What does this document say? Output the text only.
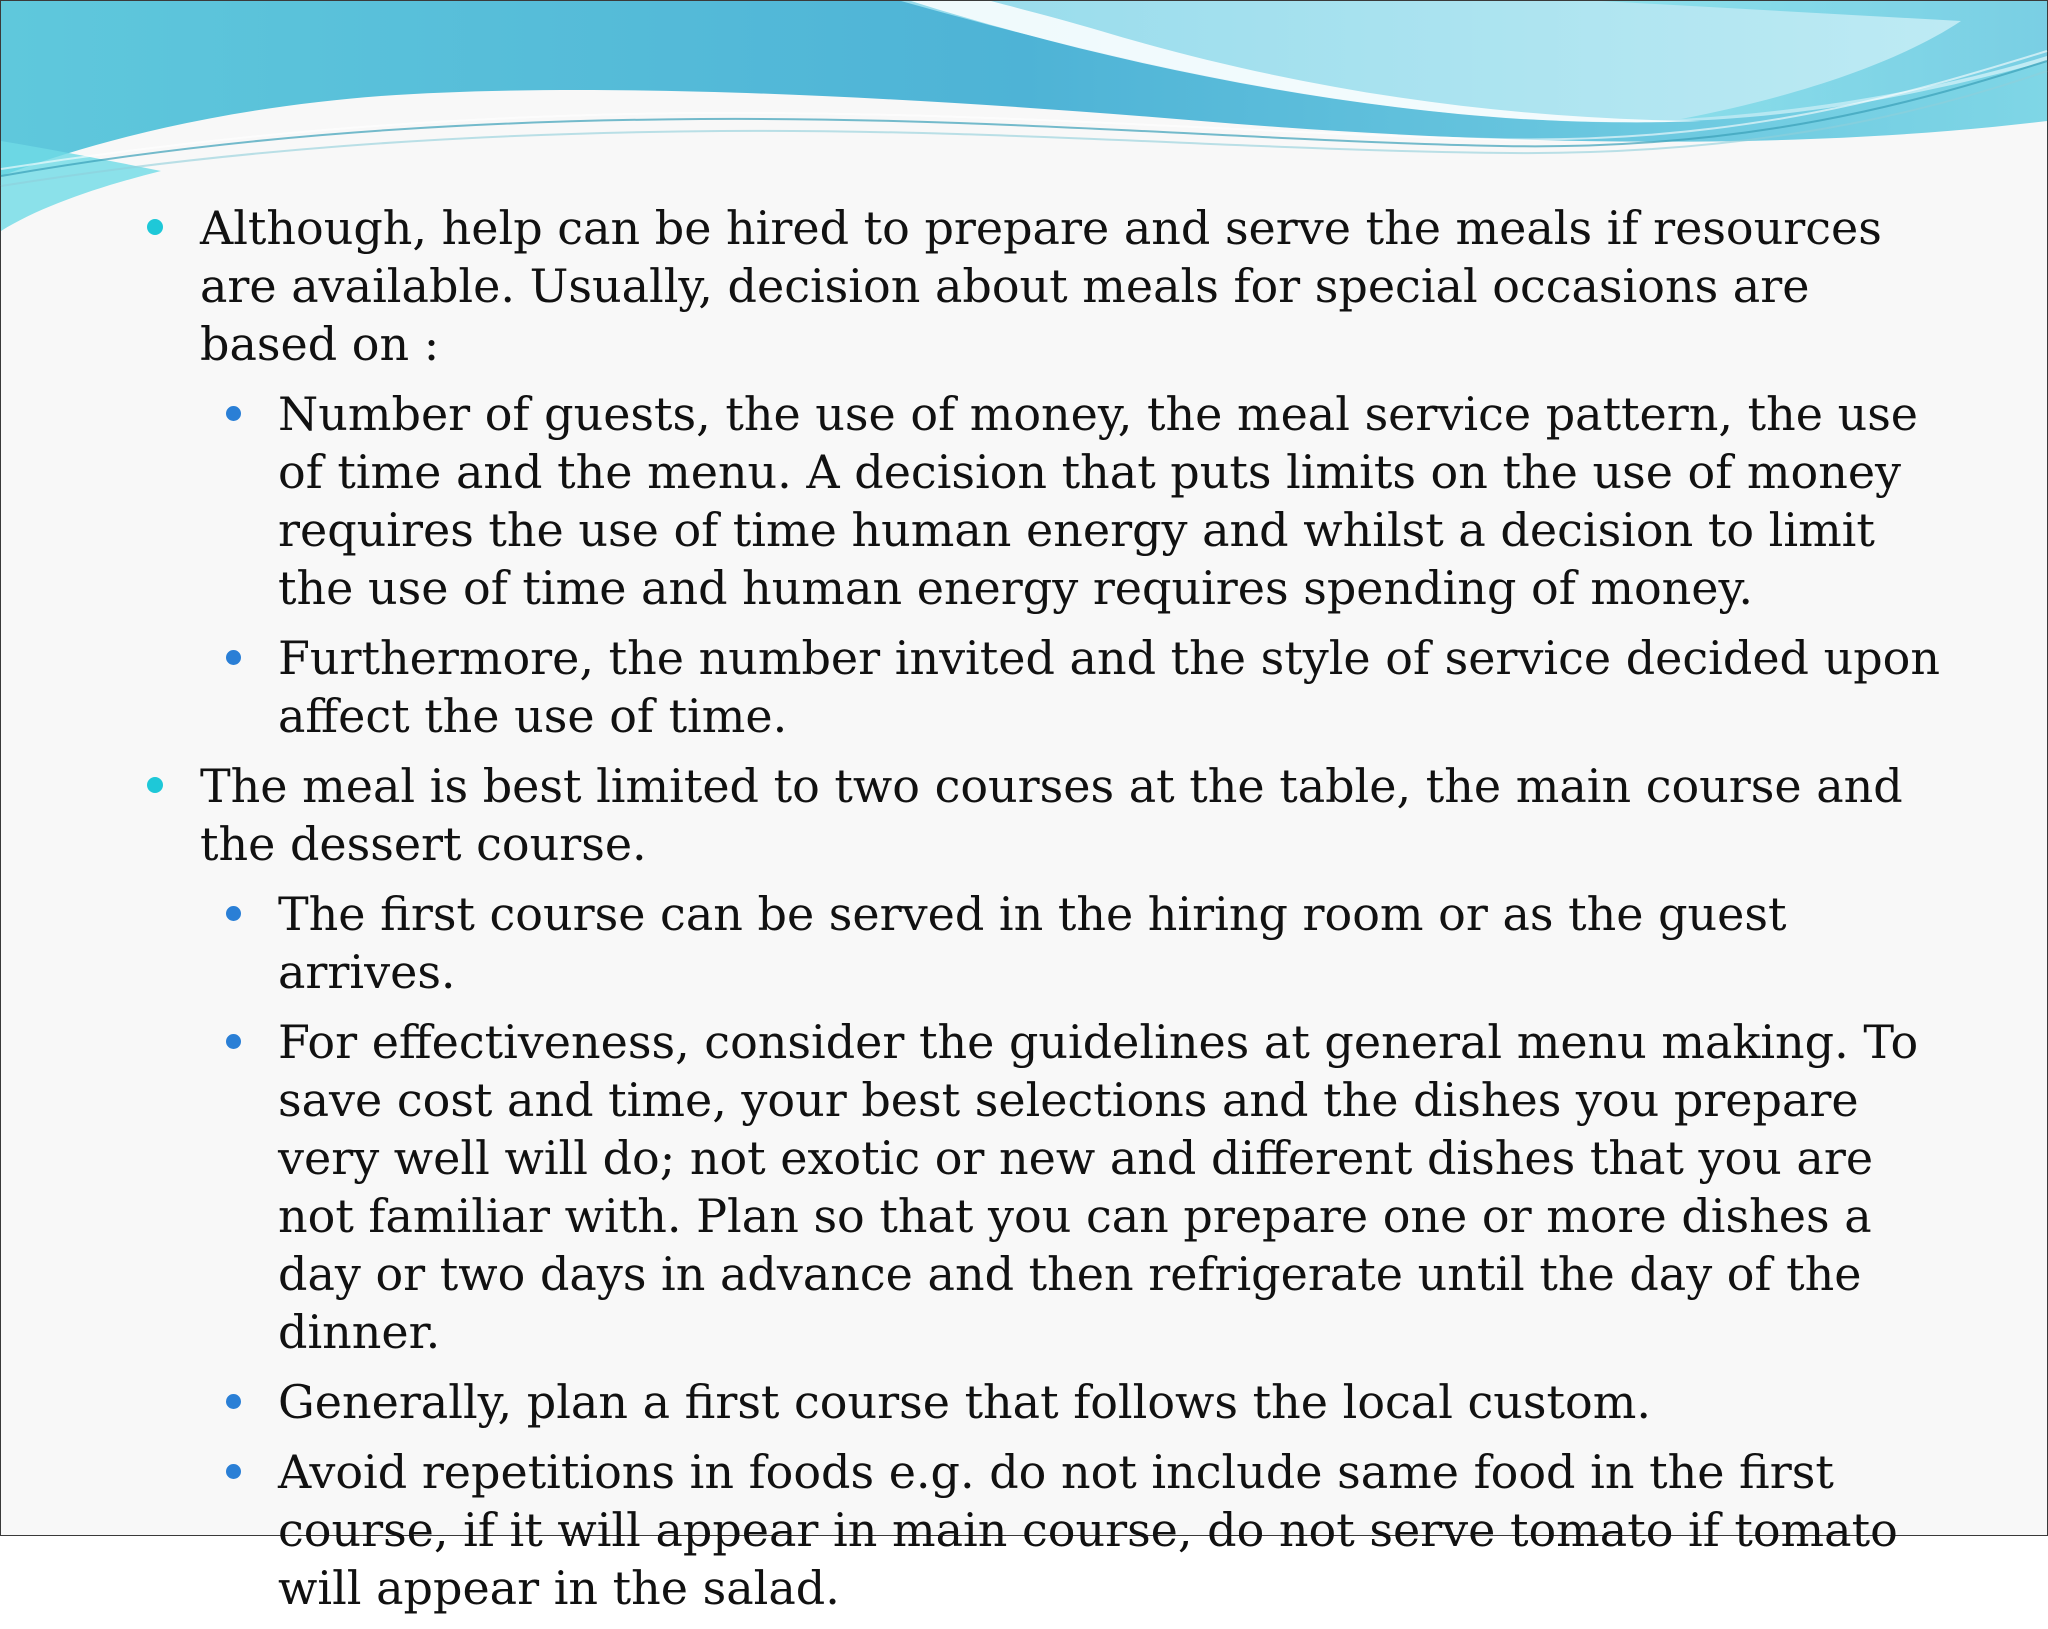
Although, help can be hired to prepare and serve the meals if resources are available. Usually, decision about meals for special occasions are based on :
Number of guests, the use of money, the meal service pattern, the use of time and the menu. A decision that puts limits on the use of money requires the use of time human energy and whilst a decision to limit the use of time and human energy requires spending of money.
Furthermore, the number invited and the style of service decided upon affect the use of time.
The meal is best limited to two courses at the table, the main course and the dessert course.
The first course can be served in the hiring room or as the guest arrives.
For effectiveness, consider the guidelines at general menu making. To save cost and time, your best selections and the dishes you prepare very well will do; not exotic or new and different dishes that you are not familiar with. Plan so that you can prepare one or more dishes a day or two days in advance and then refrigerate until the day of the dinner.
Generally, plan a first course that follows the local custom.
Avoid repetitions in foods e.g. do not include same food in the first course, if it will appear in main course, do not serve tomato if tomato will appear in the salad.
